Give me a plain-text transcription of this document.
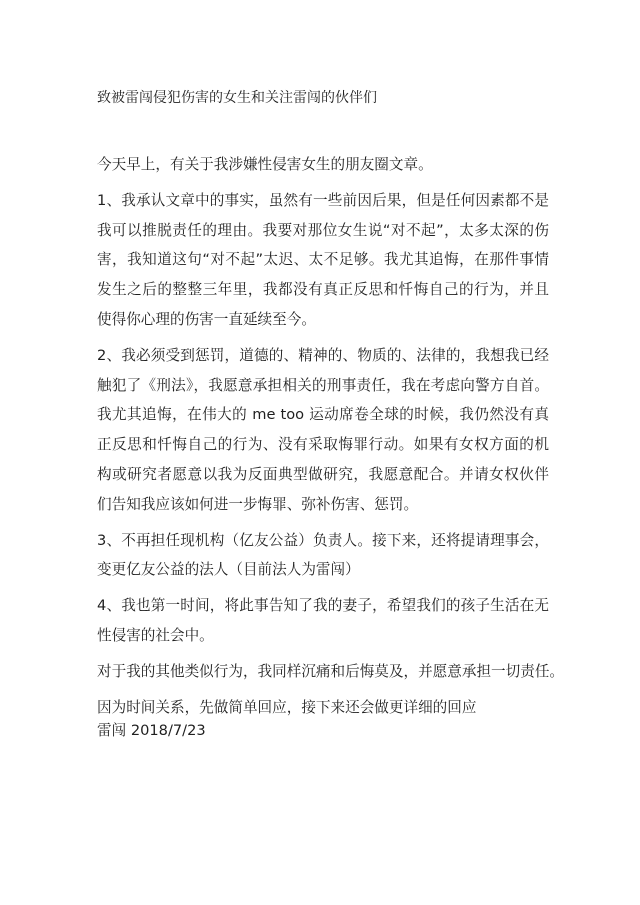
致被雷闯侵犯伤害的女生和关注雷闯的伙伴们

今天早上，有关于我涉嫌性侵害女生的朋友圈文章。

1、我承认文章中的事实，虽然有一些前因后果，但是任何因素都不是我可以推脱责任的理由。我要对那位女生说“对不起”，太多太深的伤害，我知道这句“对不起”太迟、太不足够。我尤其追悔，在那件事情发生之后的整整三年里，我都没有真正反思和忏悔自己的行为，并且使得你心理的伤害一直延续至今。

2、我必须受到惩罚，道德的、精神的、物质的、法律的，我想我已经触犯了《刑法》，我愿意承担相关的刑事责任，我在考虑向警方自首。我尤其追悔，在伟大的 me too 运动席卷全球的时候，我仍然没有真正反思和忏悔自己的行为、没有采取悔罪行动。如果有女权方面的机构或研究者愿意以我为反面典型做研究，我愿意配合。并请女权伙伴们告知我应该如何进一步悔罪、弥补伤害、惩罚。

3、不再担任现机构（亿友公益）负责人。接下来，还将提请理事会，变更亿友公益的法人（目前法人为雷闯）

4、我也第一时间，将此事告知了我的妻子，希望我们的孩子生活在无性侵害的社会中。

对于我的其他类似行为，我同样沉痛和后悔莫及，并愿意承担一切责任。

因为时间关系，先做简单回应，接下来还会做更详细的回应

雷闯 2018/7/23
